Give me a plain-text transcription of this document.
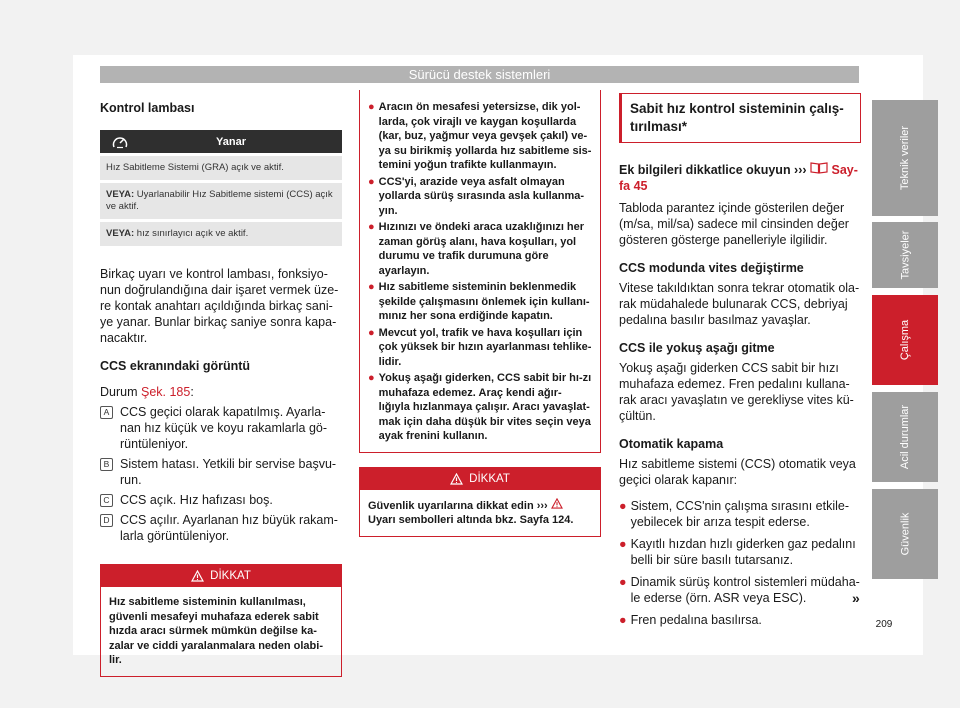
Sürücü destek sistemleri
Kontrol lambası
Yanar
Hız Sabitleme Sistemi (GRA) açık ve aktif.
VEYA: Uyarlanabilir Hız Sabitleme sistemi (CCS) açık ve aktif.
VEYA: hız sınırlayıcı açık ve aktif.
Birkaç uyarı ve kontrol lambası, fonksiyo-nun doğrulandığına dair işaret vermek üze-re kontak anahtarı açıldığında birkaç sani-ye yanar. Bunlar birkaç saniye sonra kapa-nacaktır.
CCS ekranındaki görüntü
Durum Şek. 185:
A CCS geçici olarak kapatılmış. Ayarla-nan hız küçük ve koyu rakamlarla gö-rüntüleniyor.
B Sistem hatası. Yetkili bir servise başvu-run.
C CCS açık. Hız hafızası boş.
D CCS açılır. Ayarlanan hız büyük rakam-larla görüntüleniyor.
DİKKAT
Hız sabitleme sisteminin kullanılması, güvenli mesafeyi muhafaza ederek sabit hızda aracı sürmek mümkün değilse ka-zalar ve ciddi yaralanmalara neden olabi-lir.
● Aracın ön mesafesi yetersizse, dik yol-larda, çok virajlı ve kaygan koşullarda (kar, buz, yağmur veya gevşek çakıl) ve-ya su birikmiş yollarda hız sabitleme sis-temini yoğun trafikte kullanmayın.
● CCS'yi, arazide veya asfalt olmayan yollarda sürüş sırasında asla kullanma-yın.
● Hızınızı ve öndeki araca uzaklığınızı her zaman görüş alanı, hava koşulları, yol durumu ve trafik durumuna göre ayarlayın.
● Hız sabitleme sisteminin beklenmedik şekilde çalışmasını önlemek için kullanı-mınız her sona erdiğinde kapatın.
● Mevcut yol, trafik ve hava koşulları için çok yüksek bir hızın ayarlanması tehlike-lidir.
● Yokuş aşağı giderken, CCS sabit bir hı-zı muhafaza edemez. Araç kendi ağır-lığıyla hızlanmaya çalışır. Aracı yavaşlat-mak için daha düşük bir vites seçin veya ayak frenini kullanın.
DİKKAT
Güvenlik uyarılarına dikkat edin ›››
Uyarı sembolleri altında bkz. Sayfa 124.
Sabit hız kontrol sisteminin çalış-tırılması*
Ek bilgileri dikkatlice okuyun ›››  Say-fa 45
Tabloda parantez içinde gösterilen değer (m/sa, mil/sa) sadece mil cinsinden değer gösteren gösterge panelleriyle ilgilidir.
CCS modunda vites değiştirme
Vitese takıldıktan sonra tekrar otomatik ola-rak müdahalede bulunarak CCS, debriyaj pedalına basılır basılmaz yavaşlar.
CCS ile yokuş aşağı gitme
Yokuş aşağı giderken CCS sabit bir hızı muhafaza edemez. Fren pedalını kullana-rak aracı yavaşlatın ve gerekliyse vites kü-çültün.
Otomatik kapama
Hız sabitleme sistemi (CCS) otomatik veya geçici olarak kapanır:
● Sistem, CCS'nin çalışma sırasını etkile-yebilecek bir arıza tespit ederse.
● Kayıtlı hızdan hızlı giderken gaz pedalını belli bir süre basılı tutarsanız.
● Dinamik sürüş kontrol sistemleri müdaha-le ederse (örn. ASR veya ESC).
● Fren pedalına basılırsa.
»
Teknik veriler
Tavsiyeler
Çalışma
Acil durumlar
Güvenlik
209
